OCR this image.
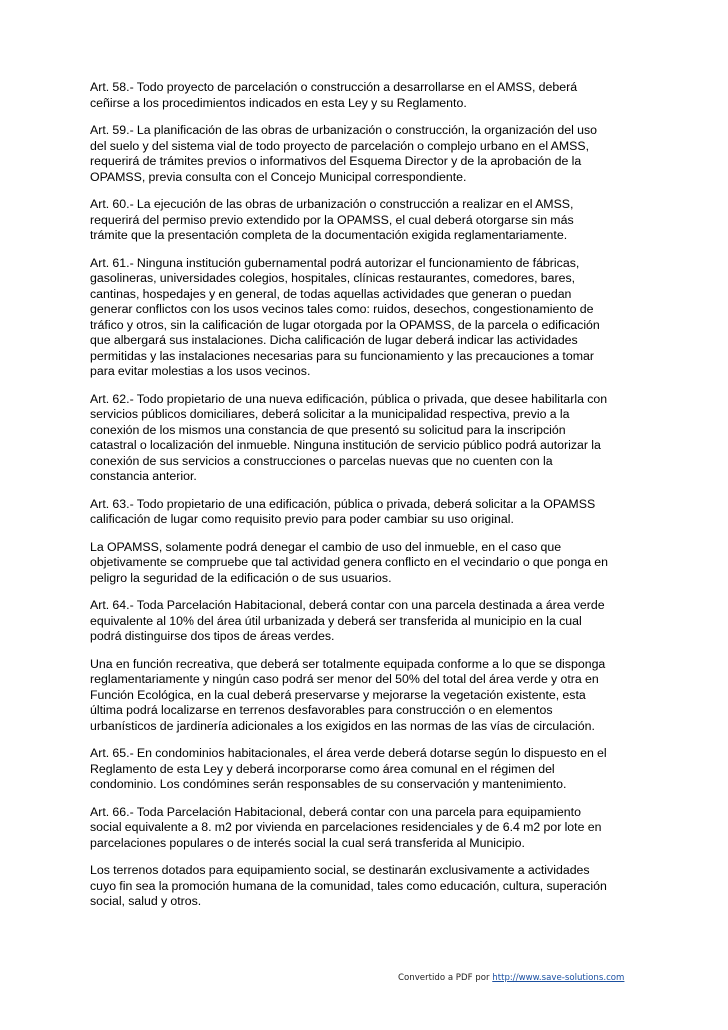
Art. 58.- Todo proyecto de parcelación o construcción a desarrollarse en el AMSS, deberá
ceñirse a los procedimientos indicados en esta Ley y su Reglamento.

Art. 59.- La planificación de las obras de urbanización o construcción, la organización del uso
del suelo y del sistema vial de todo proyecto de parcelación o complejo urbano en el AMSS,
requerirá de trámites previos o informativos del Esquema Director y de la aprobación de la
OPAMSS, previa consulta con el Concejo Municipal correspondiente.

Art. 60.- La ejecución de las obras de urbanización o construcción a realizar en el AMSS,
requerirá del permiso previo extendido por la OPAMSS, el cual deberá otorgarse sin más
trámite que la presentación completa de la documentación exigida reglamentariamente.

Art. 61.- Ninguna institución gubernamental podrá autorizar el funcionamiento de fábricas,
gasolineras, universidades colegios, hospitales, clínicas restaurantes, comedores, bares,
cantinas, hospedajes y en general, de todas aquellas actividades que generan o puedan
generar conflictos con los usos vecinos tales como: ruidos, desechos, congestionamiento de
tráfico y otros, sin la calificación de lugar otorgada por la OPAMSS, de la parcela o edificación
que albergará sus instalaciones. Dicha calificación de lugar deberá indicar las actividades
permitidas y las instalaciones necesarias para su funcionamiento y las precauciones a tomar
para evitar molestias a los usos vecinos.

Art. 62.- Todo propietario de una nueva edificación, pública o privada, que desee habilitarla con
servicios públicos domiciliares, deberá solicitar a la municipalidad respectiva, previo a la
conexión de los mismos una constancia de que presentó su solicitud para la inscripción
catastral o localización del inmueble. Ninguna institución de servicio público podrá autorizar la
conexión de sus servicios a construcciones o parcelas nuevas que no cuenten con la
constancia anterior.

Art. 63.- Todo propietario de una edificación, pública o privada, deberá solicitar a la OPAMSS
calificación de lugar como requisito previo para poder cambiar su uso original.

La OPAMSS, solamente podrá denegar el cambio de uso del inmueble, en el caso que
objetivamente se compruebe que tal actividad genera conflicto en el vecindario o que ponga en
peligro la seguridad de la edificación o de sus usuarios.

Art. 64.- Toda Parcelación Habitacional, deberá contar con una parcela destinada a área verde
equivalente al 10% del área útil urbanizada y deberá ser transferida al municipio en la cual
podrá distinguirse dos tipos de áreas verdes.

Una en función recreativa, que deberá ser totalmente equipada conforme a lo que se disponga
reglamentariamente y ningún caso podrá ser menor del 50% del total del área verde y otra en
Función Ecológica, en la cual deberá preservarse y mejorarse la vegetación existente, esta
última podrá localizarse en terrenos desfavorables para construcción o en elementos
urbanísticos de jardinería adicionales a los exigidos en las normas de las vías de circulación.

Art. 65.- En condominios habitacionales, el área verde deberá dotarse según lo dispuesto en el
Reglamento de esta Ley y deberá incorporarse como área comunal en el régimen del
condominio. Los condómines serán responsables de su conservación y mantenimiento.

Art. 66.- Toda Parcelación Habitacional, deberá contar con una parcela para equipamiento
social equivalente a 8. m2 por vivienda en parcelaciones residenciales y de 6.4 m2 por lote en
parcelaciones populares o de interés social la cual será transferida al Municipio.

Los terrenos dotados para equipamiento social, se destinarán exclusivamente a actividades
cuyo fin sea la promoción humana de la comunidad, tales como educación, cultura, superación
social, salud y otros.

Convertido a PDF por http://www.save-solutions.com
